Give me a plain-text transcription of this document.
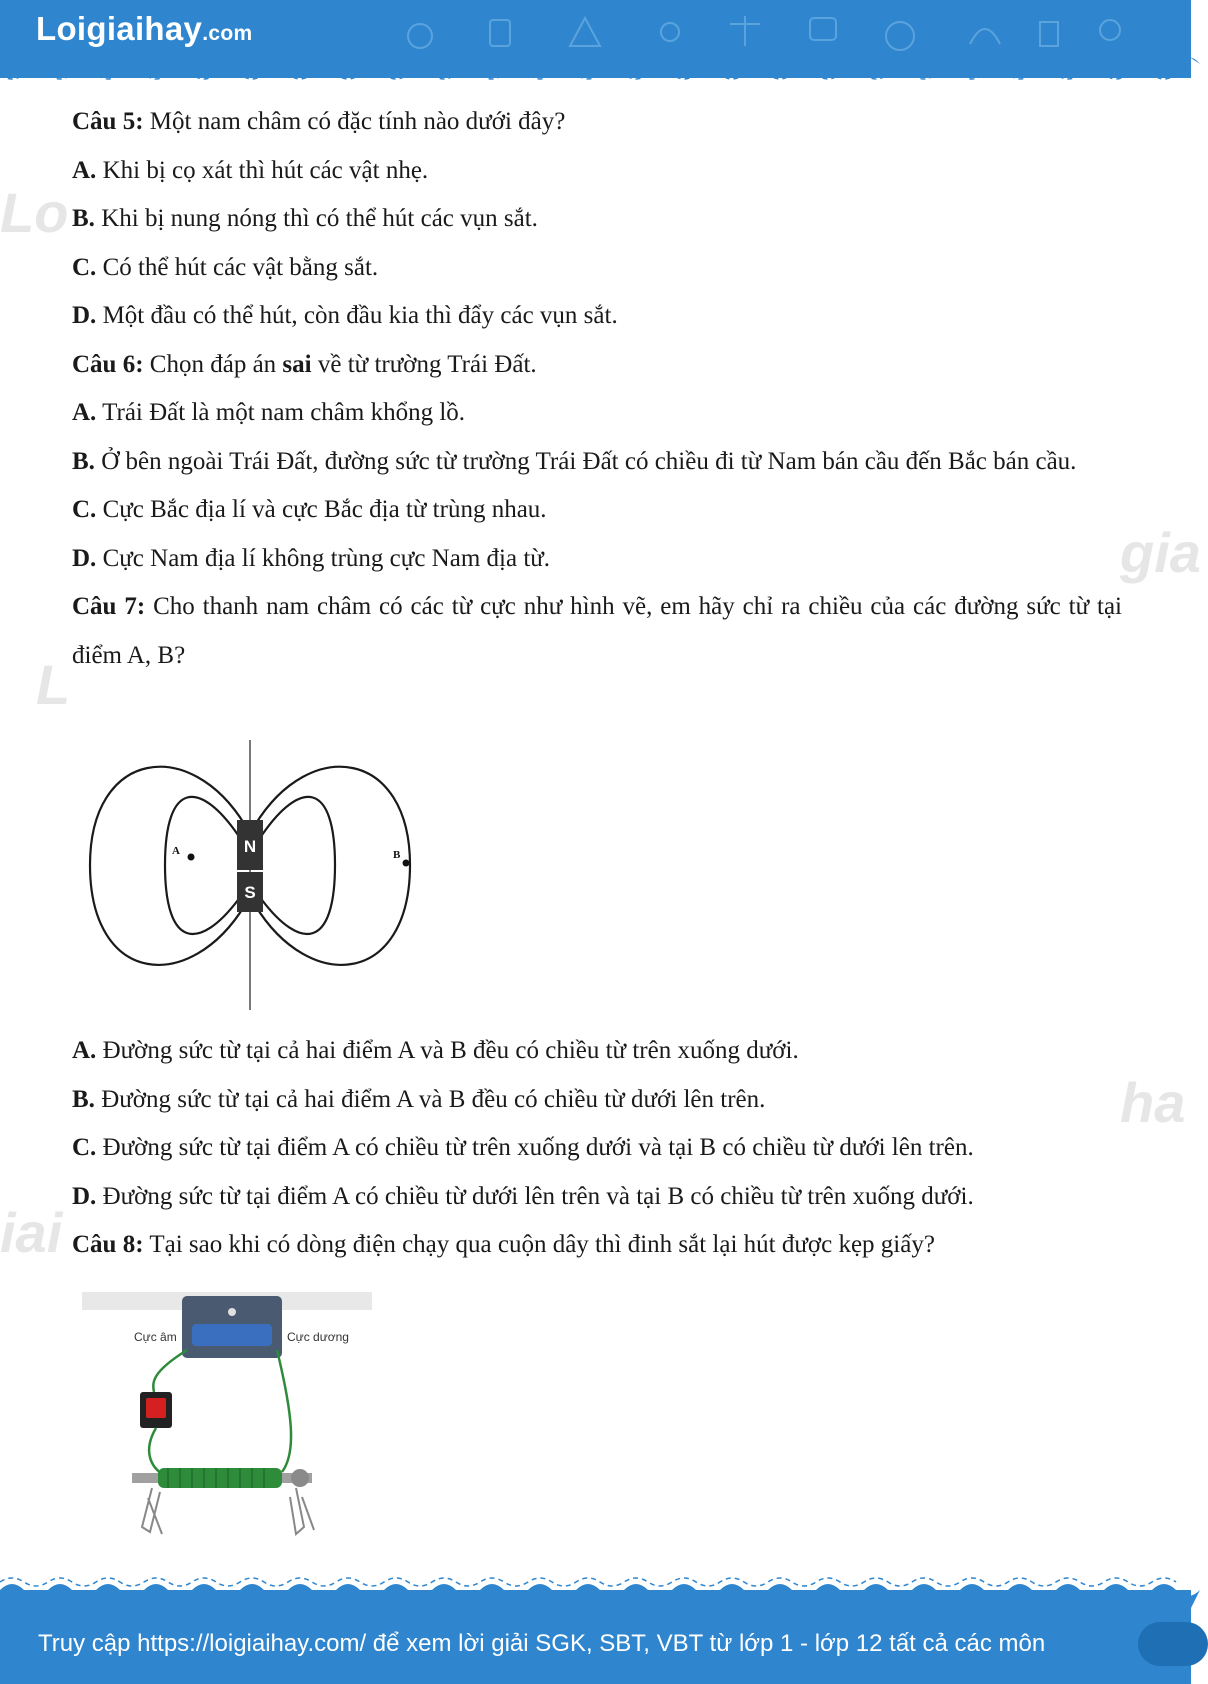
Loigiaihay.com
Lo
gia
L
ha
iai
Câu 5: Một nam châm có đặc tính nào dưới đây?
A. Khi bị cọ xát thì hút các vật nhẹ.
B. Khi bị nung nóng thì có thể hút các vụn sắt.
C. Có thể hút các vật bằng sắt.
D. Một đầu có thể hút, còn đầu kia thì đẩy các vụn sắt.
Câu 6: Chọn đáp án sai về từ trường Trái Đất.
A. Trái Đất là một nam châm khổng lồ.
B. Ở bên ngoài Trái Đất, đường sức từ trường Trái Đất có chiều đi từ Nam bán cầu đến Bắc bán cầu.
C. Cực Bắc địa lí và cực Bắc địa từ trùng nhau.
D. Cực Nam địa lí không trùng cực Nam địa từ.
Câu 7: Cho thanh nam châm có các từ cực như hình vẽ, em hãy chỉ ra chiều của các đường sức từ tại điểm A, B?
N
S
A	B
A. Đường sức từ tại cả hai điểm A và B đều có chiều từ trên xuống dưới.
B. Đường sức từ tại cả hai điểm A và B đều có chiều từ dưới lên trên.
C. Đường sức từ tại điểm A có chiều từ trên xuống dưới và tại B có chiều từ dưới lên trên.
D. Đường sức từ tại điểm A có chiều từ dưới lên trên và tại B có chiều từ trên xuống dưới.
Câu 8: Tại sao khi có dòng điện chạy qua cuộn dây thì đinh sắt lại hút được kẹp giấy?
Cực âm	Cực dương
Truy cập https://loigiaihay.com/ để xem lời giải SGK, SBT, VBT từ lớp 1 - lớp 12 tất cả các môn
